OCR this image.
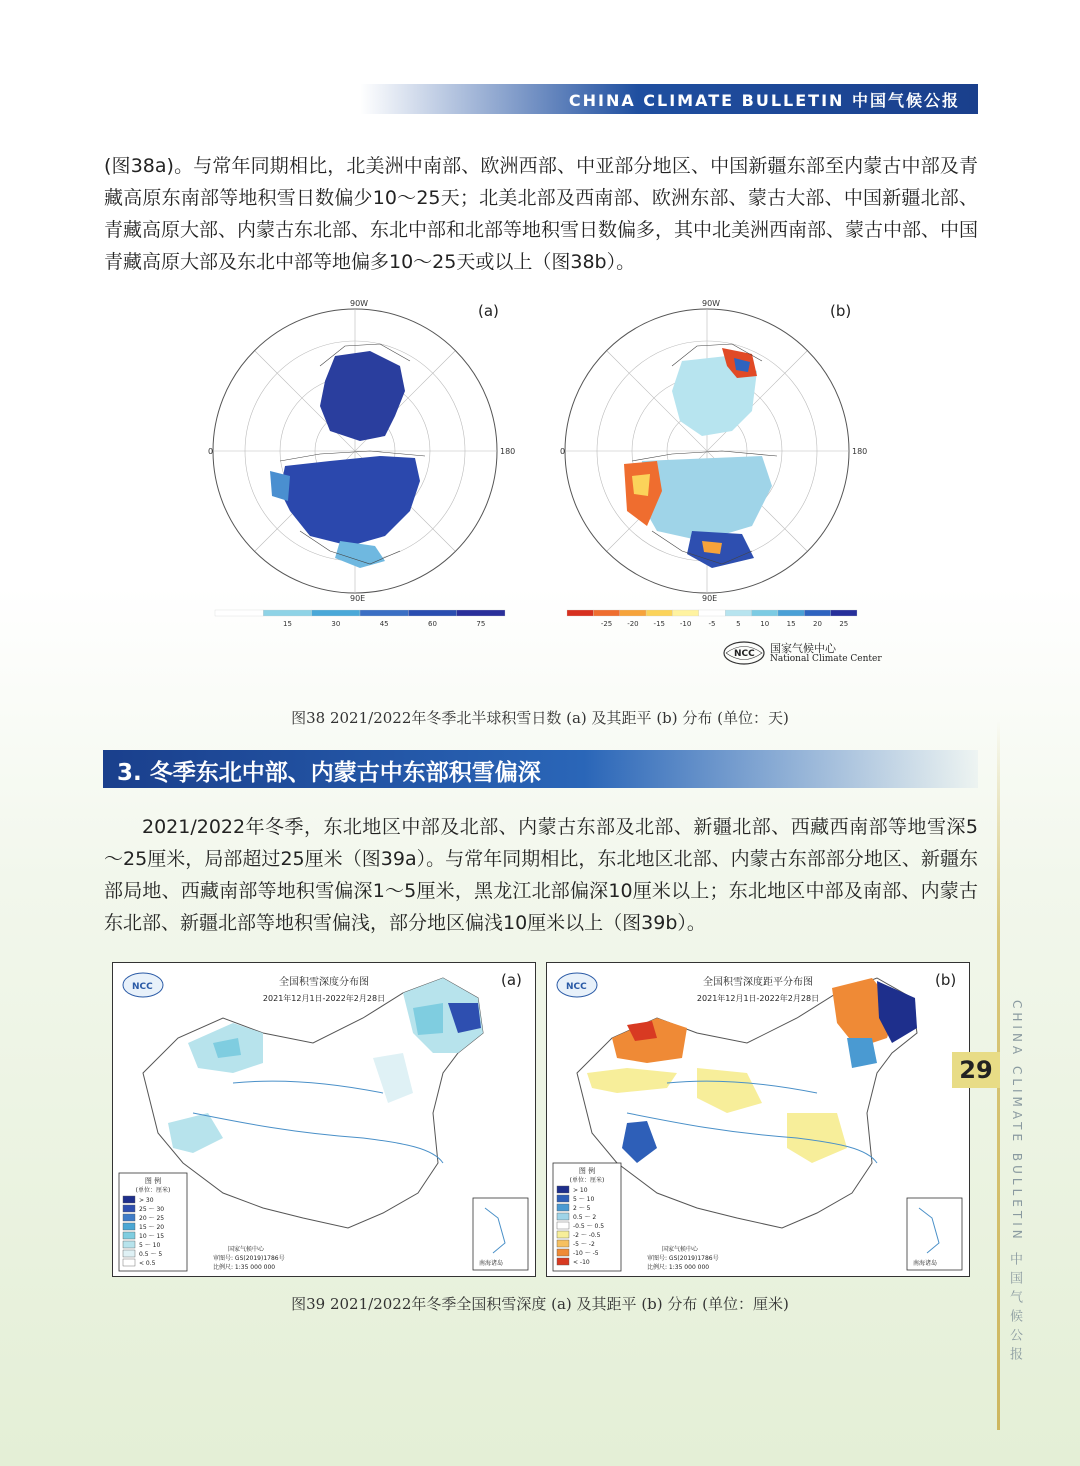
CHINA CLIMATE BULLETIN 中国气候公报

(图38a)。与常年同期相比，北美洲中南部、欧洲西部、中亚部分地区、中国新疆东部至内蒙古中部及青藏高原东南部等地积雪日数偏少10～25天；北美北部及西南部、欧洲东部、蒙古大部、中国新疆北部、青藏高原大部、内蒙古东北部、东北中部和北部等地积雪日数偏多，其中北美洲西南部、蒙古中部、中国青藏高原大部及东北中部等地偏多10～25天或以上（图38b）。

90W
0	180
90E
(a)
15	30	45	60	75
90W
0	180
90E
(b)
-25 -20 -15 -10 -5	5	10 15 20 25
NCC 国家气候中心
National Climate Center
图38 2021/2022年冬季北半球积雪日数 (a) 及其距平 (b) 分布 (单位：天)
3. 冬季东北中部、内蒙古中东部积雪偏深

2021/2022年冬季，东北地区中部及北部、内蒙古东部及北部、新疆北部、西藏西南部等地雪深5～25厘米，局部超过25厘米（图39a）。与常年同期相比，东北地区北部、内蒙古东部部分地区、新疆东部局地、西藏南部等地积雪偏深1～5厘米，黑龙江北部偏深10厘米以上；东北地区中部及南部、内蒙古东北部、新疆北部等地积雪偏浅，部分地区偏浅10厘米以上（图39b）。

NCC	全国积雪深度分布图
2021年12月1日-2022年2月28日
(a)
图 例
(单位：厘米)
> 30
25 ～ 30
20 ～ 25
15 ～ 20
10 ～ 15
5 ～ 10
0.5 ～ 5
< 0.5
国家气候中心
审图号: GS(2019)1786号
比例尺: 1:35 000 000
南海诸岛
NCC	全国积雪深度距平分布图
2021年12月1日-2022年2月28日
(b)
图 例
(单位：厘米)
> 10
5 ～ 10
2 ～ 5
0.5 ～ 2
-0.5 ～ 0.5
-2 ～ -0.5
-5 ～ -2
-10 ～ -5
< -10
国家气候中心
审图号: GS(2019)1786号
比例尺: 1:35 000 000
南海诸岛
图39 2021/2022年冬季全国积雪深度 (a) 及其距平 (b) 分布 (单位：厘米)
CHINA CLIMATE BULLETIN
中国气候公报
29
